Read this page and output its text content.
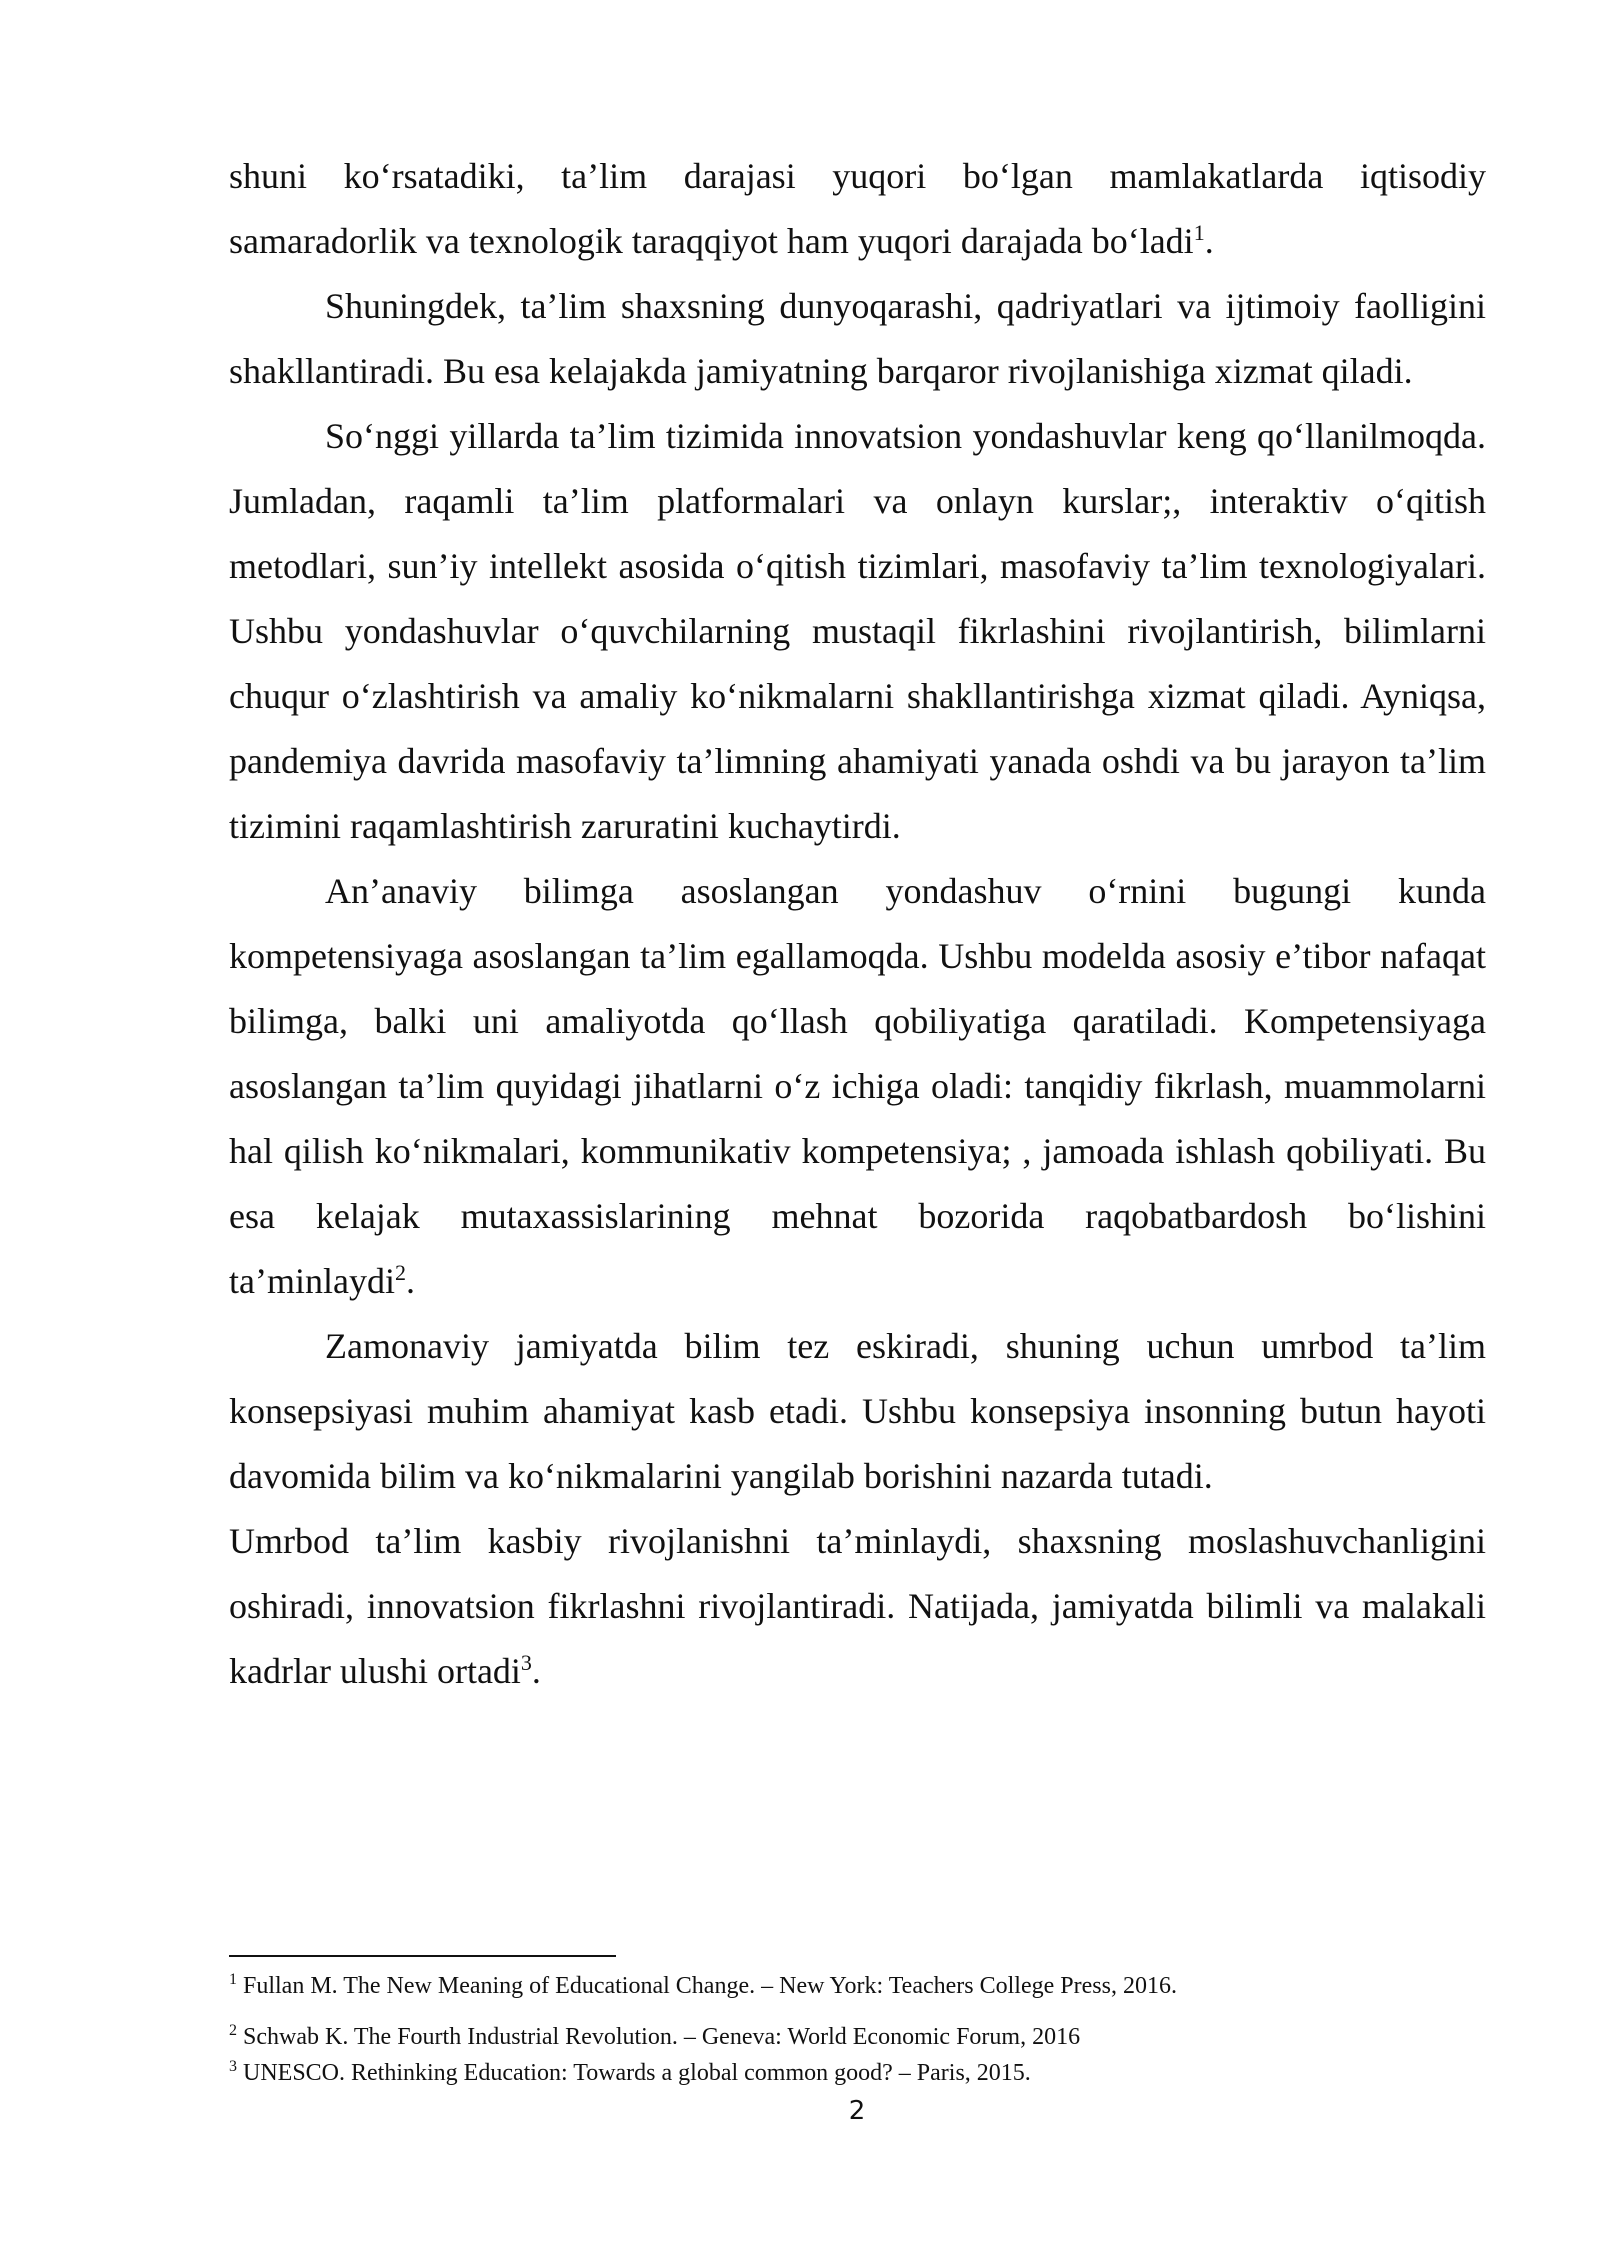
shuni ko‘rsatadiki, ta’lim darajasi yuqori bo‘lgan mamlakatlarda iqtisodiy samaradorlik va texnologik taraqqiyot ham yuqori darajada bo‘ladi$^1$.

Shuningdek, ta’lim shaxsning dunyoqarashi, qadriyatlari va ijtimoiy faolligini shakllantiradi. Bu esa kelajakda jamiyatning barqaror rivojlanishiga xizmat qiladi.

So‘nggi yillarda ta’lim tizimida innovatsion yondashuvlar keng qo‘llanilmoqda. Jumladan, raqamli ta’lim platformalari va onlayn kurslar;, interaktiv o‘qitish metodlari, sun’iy intellekt asosida o‘qitish tizimlari, masofaviy ta’lim texnologiyalari. Ushbu yondashuvlar o‘quvchilarning mustaqil fikrlashini rivojlantirish, bilimlarni chuqur o‘zlashtirish va amaliy ko‘nikmalarni shakllantirishga xizmat qiladi. Ayniqsa, pandemiya davrida masofaviy ta’limning ahamiyati yanada oshdi va bu jarayon ta’lim tizimini raqamlashtirish zaruratini kuchaytirdi.

An’anaviy bilimga asoslangan yondashuv o‘rnini bugungi kunda kompetensiyaga asoslangan ta’lim egallamoqda. Ushbu modelda asosiy e’tibor nafaqat bilimga, balki uni amaliyotda qo‘llash qobiliyatiga qaratiladi. Kompetensiyaga asoslangan ta’lim quyidagi jihatlarni o‘z ichiga oladi: tanqidiy fikrlash, muammolarni hal qilish ko‘nikmalari, kommunikativ kompetensiya; , jamoada ishlash qobiliyati. Bu esa kelajak mutaxassislarining mehnat bozorida raqobatbardosh bo‘lishini ta’minlaydi$^2$.

Zamonaviy jamiyatda bilim tez eskiradi, shuning uchun umrbod ta’lim konsepsiyasi muhim ahamiyat kasb etadi. Ushbu konsepsiya insonning butun hayoti davomida bilim va ko‘nikmalarini yangilab borishini nazarda tutadi.

Umrbod ta’lim kasbiy rivojlanishni ta’minlaydi, shaxsning moslashuvchanligini oshiradi, innovatsion fikrlashni rivojlantiradi. Natijada, jamiyatda bilimli va malakali kadrlar ulushi ortadi$^3$.

$^1$ Fullan M. The New Meaning of Educational Change. – New York: Teachers College Press, 2016.

$^2$ Schwab K. The Fourth Industrial Revolution. – Geneva: World Economic Forum, 2016

$^3$ UNESCO. Rethinking Education: Towards a global common good? – Paris, 2015.

2
